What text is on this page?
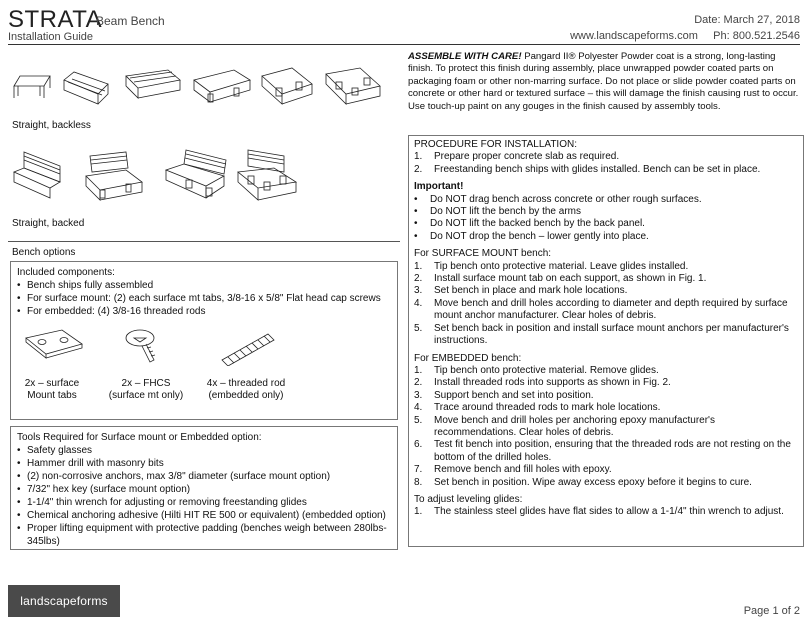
STRATA
Beam Bench
Installation Guide
Date: March 27, 2018
www.landscapeforms.com     Ph: 800.521.2546
Straight, backless
Straight, backed
Bench options
Included components:
• Bench ships fully assembled
• For surface mount: (2) each surface mt tabs, 3/8-16 x 5/8" Flat head cap screws
• For embedded: (4) 3/8-16 threaded rods
2x – surface
Mount tabs
2x – FHCS
(surface mt only)
4x – threaded rod
(embedded only)
Tools Required for Surface mount or Embedded option:
• Safety glasses
• Hammer drill with masonry bits
• (2) non-corrosive anchors, max 3/8" diameter (surface mount option)
• 7/32" hex key (surface mount option)
• 1-1/4" thin wrench for adjusting or removing freestanding glides
• Chemical anchoring adhesive (Hilti HIT RE 500 or equivalent) (embedded option)
• Proper lifting equipment with protective padding (benches weigh between 280lbs-345lbs)
ASSEMBLE WITH CARE! Pangard II® Polyester Powder coat is a strong, long-lasting finish. To protect this finish during assembly, place unwrapped powder coated parts on packaging foam or other non-marring surface. Do not place or slide powder coated parts on concrete or other hard or textured surface – this will damage the finish causing rust to occur. Use touch-up paint on any gouges in the finish caused by assembly tools.
PROCEDURE FOR INSTALLATION:
1.	Prepare proper concrete slab as required.
2.	Freestanding bench ships with glides installed. Bench can be set in place.
Important!
•	Do NOT drag bench across concrete or other rough surfaces.
•	Do NOT lift the bench by the arms
•	Do NOT lift the backed bench by the back panel.
•	Do NOT drop the bench – lower gently into place.
For SURFACE MOUNT bench:
1.	Tip bench onto protective material. Leave glides installed.
2.	Install surface mount tab on each support, as shown in Fig. 1.
3.	Set bench in place and mark hole locations.
4.	Move bench and drill holes according to diameter and depth required by surface mount anchor manufacturer. Clear holes of debris.
5.	Set bench back in position and install surface mount anchors per manufacturer's instructions.
For EMBEDDED bench:
1.	Tip bench onto protective material. Remove glides.
2.	Install threaded rods into supports as shown in Fig. 2.
3.	Support bench and set into position.
4.	Trace around threaded rods to mark hole locations.
5.	Move bench and drill holes per anchoring epoxy manufacturer's recommendations. Clear holes of debris.
6.	Test fit bench into position, ensuring that the threaded rods are not resting on the bottom of the drilled holes.
7.	Remove bench and fill holes with epoxy.
8.	Set bench in position. Wipe away excess epoxy before it begins to cure.
To adjust leveling glides:
1.	The stainless steel glides have flat sides to allow a 1-1/4" thin wrench to adjust.
landscapeforms
Page 1 of 2
